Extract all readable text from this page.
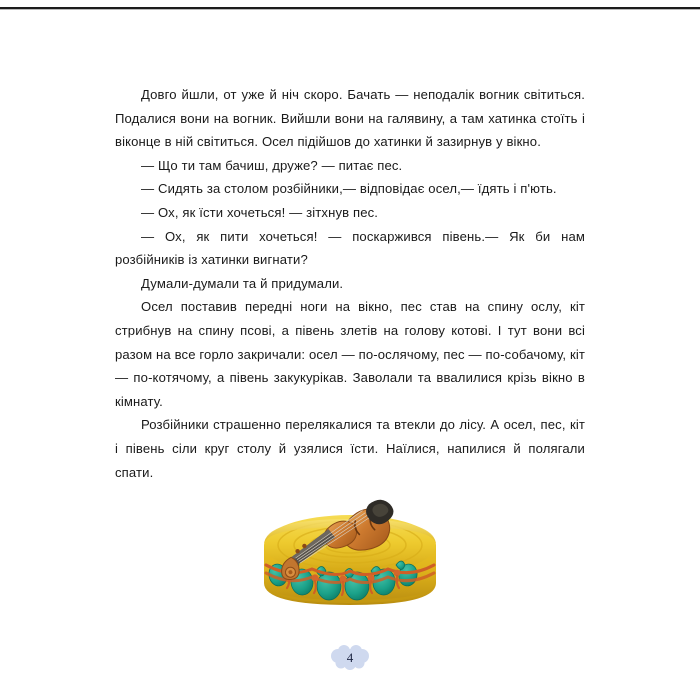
Довго йшли, от уже й ніч скоро. Бачать — неподалік вогник світиться. Подалися вони на вогник. Вийшли вони на галявину, а там хатинка стоїть і віконце в ній світиться. Осел підійшов до хатинки й зазирнув у вікно.

— Що ти там бачиш, друже? — питає пес.

— Сидять за столом розбійники,— відповідає осел,— їдять і п'ють.

— Ох, як їсти хочеться! — зітхнув пес.

— Ох, як пити хочеться! — поскаржився півень.— Як би нам розбійників із хатинки вигнати?

Думали-думали та й придумали.

Осел поставив передні ноги на вікно, пес став на спину ослу, кіт стрибнув на спину псові, а півень злетів на голову котові. І тут вони всі разом на все горло закричали: осел — по-ослячому, пес — по-собачому, кіт — по-котячому, а півень закукурікав. Заволали та ввалилися крізь вікно в кімнату.

Розбійники страшенно перелякалися та втекли до лісу. А осел, пес, кіт і півень сіли круг столу й узялися їсти. Наїлися, напилися й полягали спати.

4
